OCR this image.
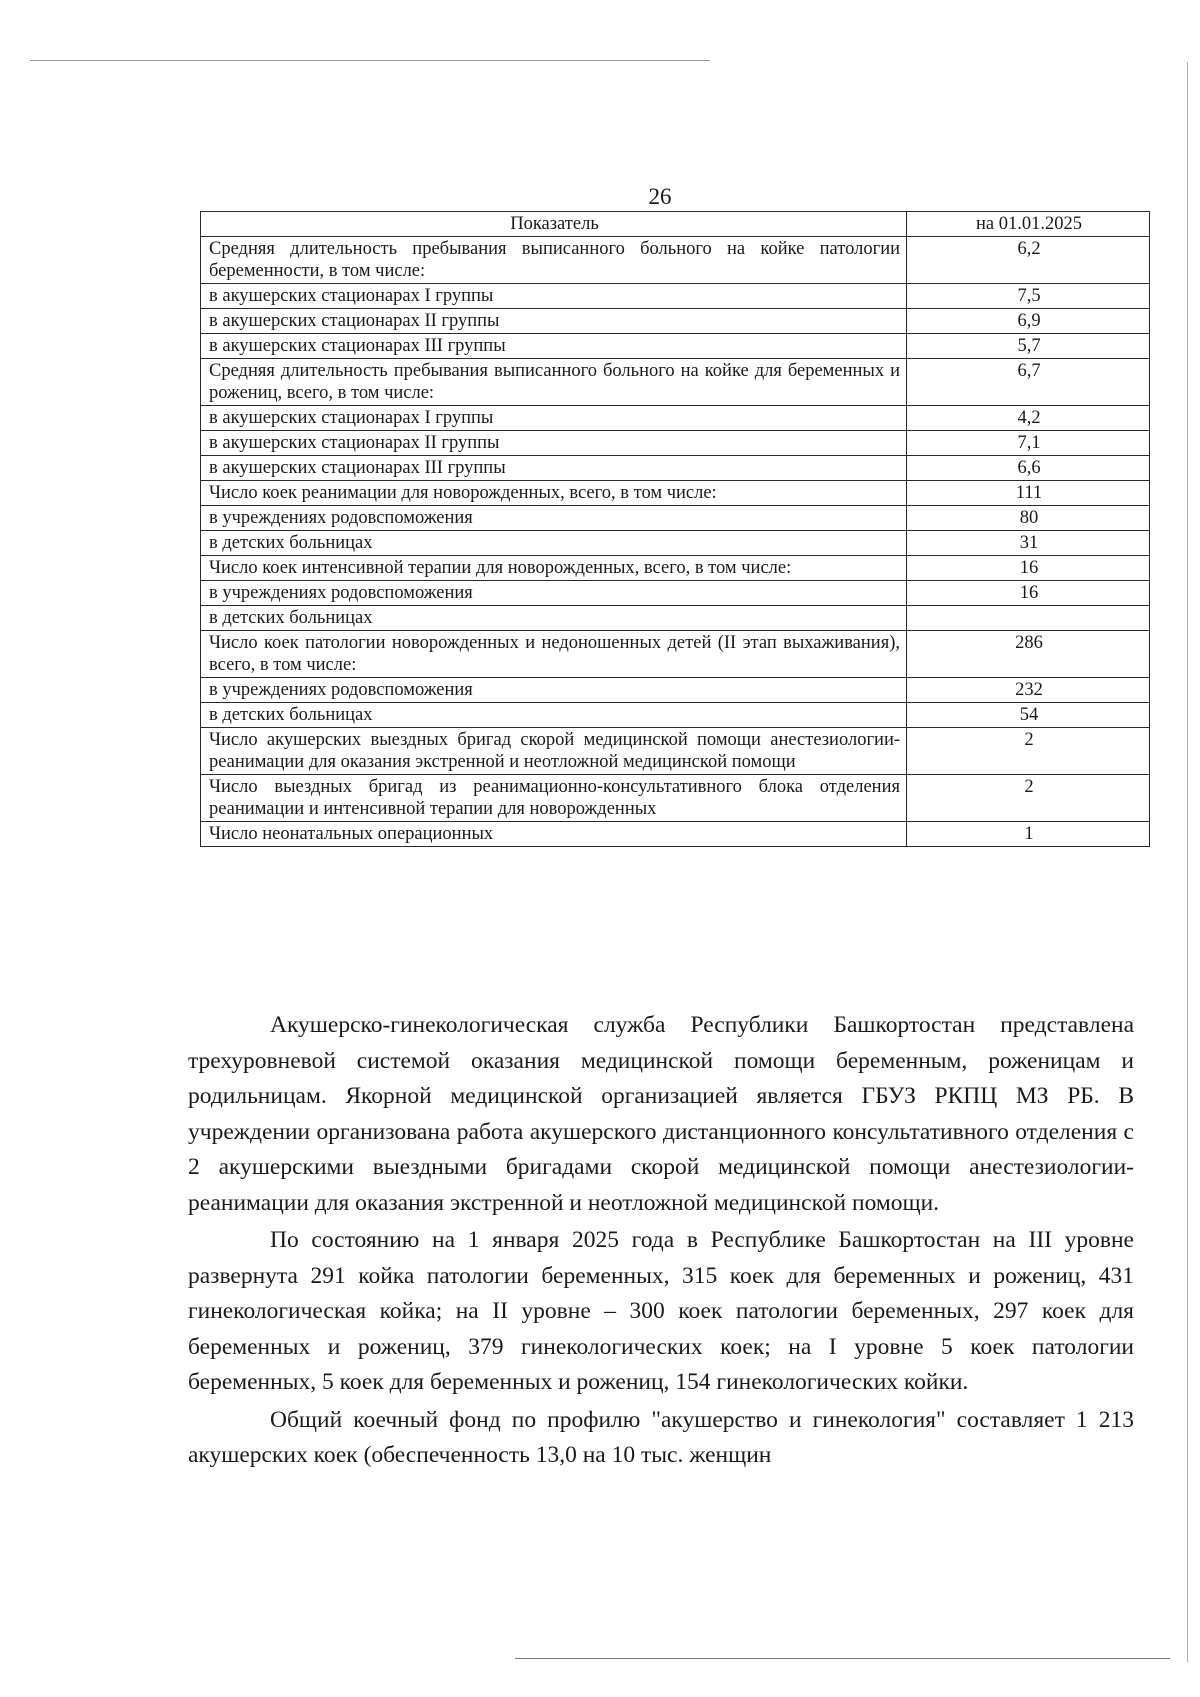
26
Показатель	на 01.01.2025
Средняя длительность пребывания выписанного больного на койке патологии беременности, в том числе:	6,2
в акушерских стационарах I группы	7,5
в акушерских стационарах II группы	6,9
в акушерских стационарах III группы	5,7
Средняя длительность пребывания выписанного больного на койке для беременных и рожениц, всего, в том числе:	6,7
в акушерских стационарах I группы	4,2
в акушерских стационарах II группы	7,1
в акушерских стационарах III группы	6,6
Число коек реанимации для новорожденных, всего, в том числе:	111
в учреждениях родовспоможения	80
в детских больницах	31
Число коек интенсивной терапии для новорожденных, всего, в том числе:	16
в учреждениях родовспоможения	16
в детских больницах	
Число коек патологии новорожденных и недоношенных детей (II этап выхаживания), всего, в том числе:	286
в учреждениях родовспоможения	232
в детских больницах	54
Число акушерских выездных бригад скорой медицинской помощи анестезиологии-реанимации для оказания экстренной и неотложной медицинской помощи	2
Число выездных бригад из реанимационно-консультативного блока отделения реанимации и интенсивной терапии для новорожденных	2
Число неонатальных операционных	1

Акушерско-гинекологическая служба Республики Башкортостан представлена трехуровневой системой оказания медицинской помощи беременным, роженицам и родильницам. Якорной медицинской организацией является ГБУЗ РКПЦ МЗ РБ. В учреждении организована работа акушерского дистанционного консультативного отделения с 2 акушерскими выездными бригадами скорой медицинской помощи анестезиологии-реанимации для оказания экстренной и неотложной медицинской помощи.

По состоянию на 1 января 2025 года в Республике Башкортостан на III уровне развернута 291 койка патологии беременных, 315 коек для беременных и рожениц, 431 гинекологическая койка; на II уровне – 300 коек патологии беременных, 297 коек для беременных и рожениц, 379 гинекологических коек; на I уровне 5 коек патологии беременных, 5 коек для беременных и рожениц, 154 гинекологических койки.

Общий коечный фонд по профилю "акушерство и гинекология" составляет 1 213 акушерских коек (обеспеченность 13,0 на 10 тыс. женщин
